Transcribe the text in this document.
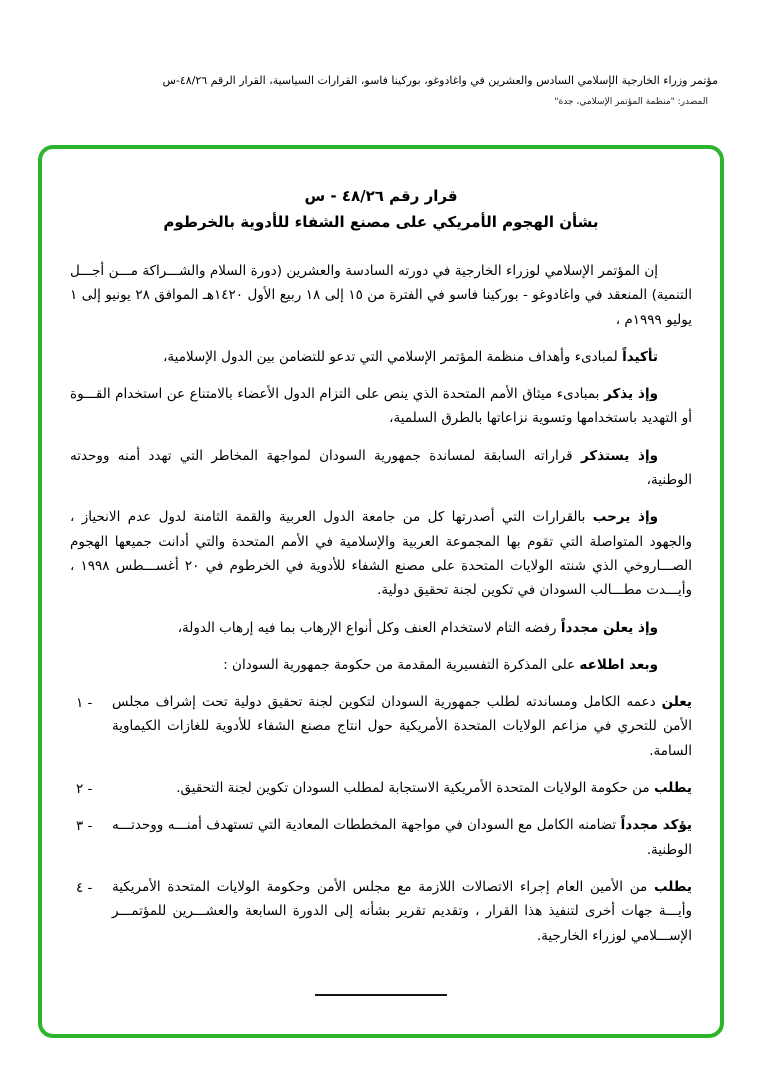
مؤتمر وزراء الخارجية الإسلامي السادس والعشرين في واغادوغو، بوركينا فاسو، القرارات السياسية، القرار الرقم ٤٨/٢٦-س
المصدر: "منظمة المؤتمر الإسلامي، جدة"
قرار رقم ٤٨/٢٦ - س
بشأن الهجوم الأمريكي على مصنع الشفاء للأدوية بالخرطوم

إن المؤتمر الإسلامي لوزراء الخارجية في دورته السادسة والعشرين (دورة السلام والشـــراكة مـــن أجـــل التنمية) المنعقد في واغادوغو - بوركينا فاسو في الفترة من ١٥ إلى ١٨ ربيع الأول ١٤٢٠هـ الموافق ٢٨ يونيو إلى ١ يوليو ١٩٩٩م ،

تأكيداً لمبادىء وأهداف منظمة المؤتمر الإسلامي التي تدعو للتضامن بين الدول الإسلامية،

وإذ يذكر بمبادىء ميثاق الأمم المتحدة الذي ينص على التزام الدول الأعضاء بالامتناع عن استخدام القـــوة أو التهديد باستخدامها وتسوية نزاعاتها بالطرق السلمية،

وإذ يستذكر قراراته السابقة لمساندة جمهورية السودان لمواجهة المخاطر التي تهدد أمنه ووحدته الوطنية،

وإذ يرحب بالقرارات التي أصدرتها كل من جامعة الدول العربية والقمة الثامنة لدول عدم الانحياز ، والجهود المتواصلة التي تقوم بها المجموعة العربية والإسلامية في الأمم المتحدة والتي أدانت جميعها الهجوم الصـــاروخي الذي شنته الولايات المتحدة على مصنع الشفاء للأدوية في الخرطوم في ٢٠ أغســـطس ١٩٩٨ ، وأيـــدت مطـــالب السودان في تكوين لجنة تحقيق دولية.

وإذ يعلن مجدداً رفضه التام لاستخدام العنف وكل أنواع الإرهاب بما فيه إرهاب الدولة،

وبعد اطلاعه على المذكرة التفسيرية المقدمة من حكومة جمهورية السودان :

١ -	يعلن دعمه الكامل ومساندته لطلب جمهورية السودان لتكوين لجنة تحقيق دولية تحت إشراف مجلس الأمن للتحري في مزاعم الولايات المتحدة الأمريكية حول انتاج مصنع الشفاء للأدوية للغازات الكيماوية السامة.

٢ -	يطلب من حكومة الولايات المتحدة الأمريكية الاستجابة لمطلب السودان تكوين لجنة التحقيق.

٣ -	يؤكد مجدداً تضامنه الكامل مع السودان في مواجهة المخططات المعادية التي تستهدف أمنـــه ووحدتـــه الوطنية.

٤ -	يطلب من الأمين العام إجراء الاتصالات اللازمة مع مجلس الأمن وحكومة الولايات المتحدة الأمريكية وأيـــة جهات أخرى لتنفيذ هذا القرار ، وتقديم تقرير بشأنه إلى الدورة السابعة والعشـــرين للمؤتمـــر الإســـلامي لوزراء الخارجية.
